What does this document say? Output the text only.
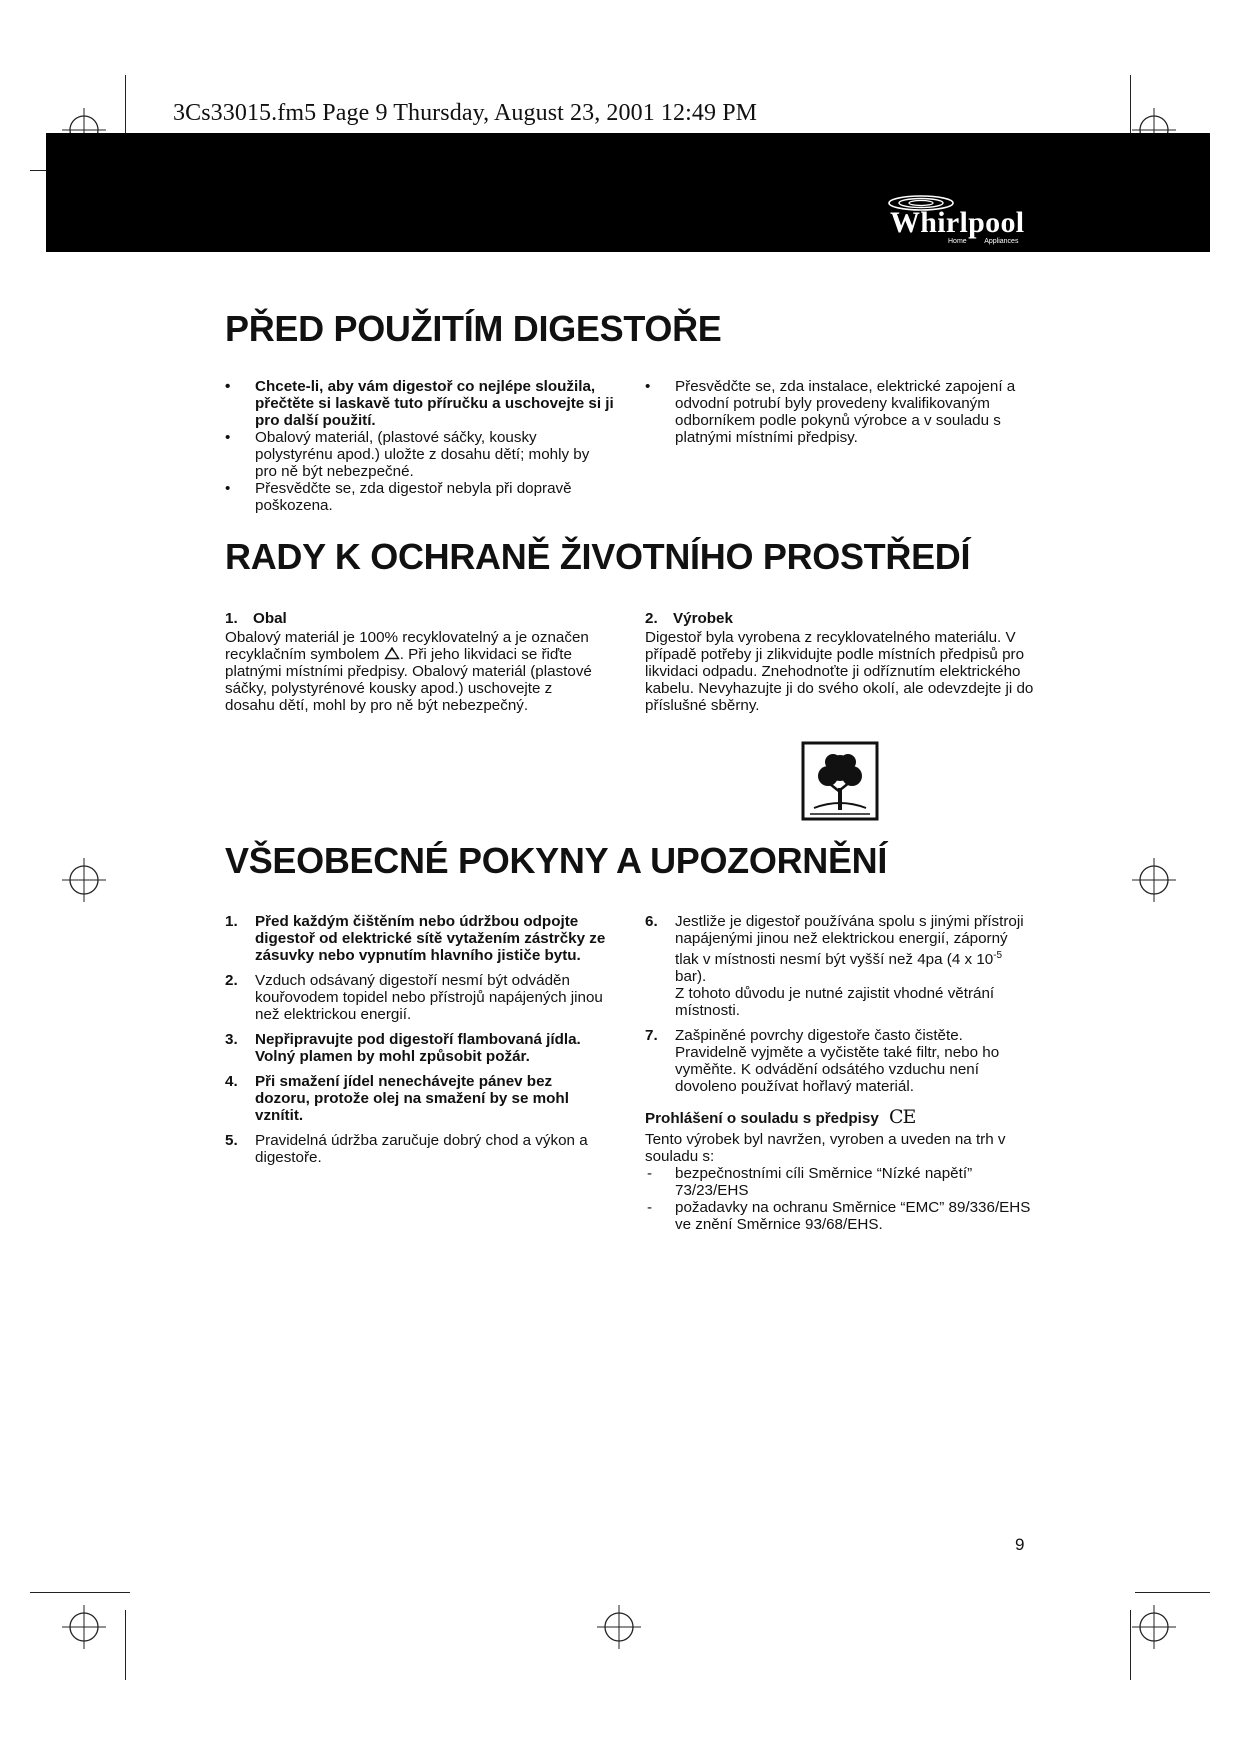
3Cs33015.fm5 Page 9 Thursday, August 23, 2001 12:49 PM
Whirlpool
Home	Appliances
PŘED POUŽITÍM DIGESTOŘE
• Chcete-li, aby vám digestoř co nejlépe sloužila, přečtěte si laskavě tuto příručku a uschovejte si ji pro další použití.
• Obalový materiál, (plastové sáčky, kousky polystyrénu apod.) uložte z dosahu dětí; mohly by pro ně být nebezpečné.
• Přesvědčte se, zda digestoř nebyla při dopravě poškozena.
• Přesvědčte se, zda instalace, elektrické zapojení a odvodní potrubí byly provedeny kvalifikovaným odborníkem podle pokynů výrobce a v souladu s platnými místními předpisy.
RADY K OCHRANĚ ŽIVOTNÍHO PROSTŘEDÍ
1. Obal
Obalový materiál je 100% recyklovatelný a je označen recyklačním symbolem . Při jeho likvidaci se řiďte platnými místními předpisy. Obalový materiál (plastové sáčky, polystyrénové kousky apod.) uschovejte z dosahu dětí, mohl by pro ně být nebezpečný.
2. Výrobek
Digestoř byla vyrobena z recyklovatelného materiálu. V případě potřeby ji zlikvidujte podle místních předpisů pro likvidaci odpadu. Znehodnoťte ji odříznutím elektrického kabelu. Nevyhazujte ji do svého okolí, ale odevzdejte ji do příslušné sběrny.
VŠEOBECNÉ POKYNY A UPOZORNĚNÍ
1. Před každým čištěním nebo údržbou odpojte digestoř od elektrické sítě vytažením zástrčky ze zásuvky nebo vypnutím hlavního jističe bytu.
2. Vzduch odsávaný digestoří nesmí být odváděn kouřovodem topidel nebo přístrojů napájených jinou než elektrickou energií.
3. Nepřipravujte pod digestoří flambovaná jídla. Volný plamen by mohl způsobit požár.
4. Při smažení jídel nenechávejte pánev bez dozoru, protože olej na smažení by se mohl vznítit.
5. Pravidelná údržba zaručuje dobrý chod a výkon a digestoře.
6. Jestliže je digestoř používána spolu s jinými přístroji napájenými jinou než elektrickou energií, záporný tlak v místnosti nesmí být vyšší než 4pa (4 x $10^{-5}$ bar).
Z tohoto důvodu je nutné zajistit vhodné větrání místnosti.
7. Zašpiněné povrchy digestoře často čistěte. Pravidelně vyjměte a vyčistěte také filtr, nebo ho vyměňte. K odvádění odsátého vzduchu není dovoleno používat hořlavý materiál.
Prohlášení o souladu s předpisy CE
Tento výrobek byl navržen, vyroben a uveden na trh v souladu s:
- bezpečnostními cíli Směrnice “Nízké napětí” 73/23/EHS
- požadavky na ochranu Směrnice “EMC” 89/336/EHS ve znění Směrnice 93/68/EHS.
9
